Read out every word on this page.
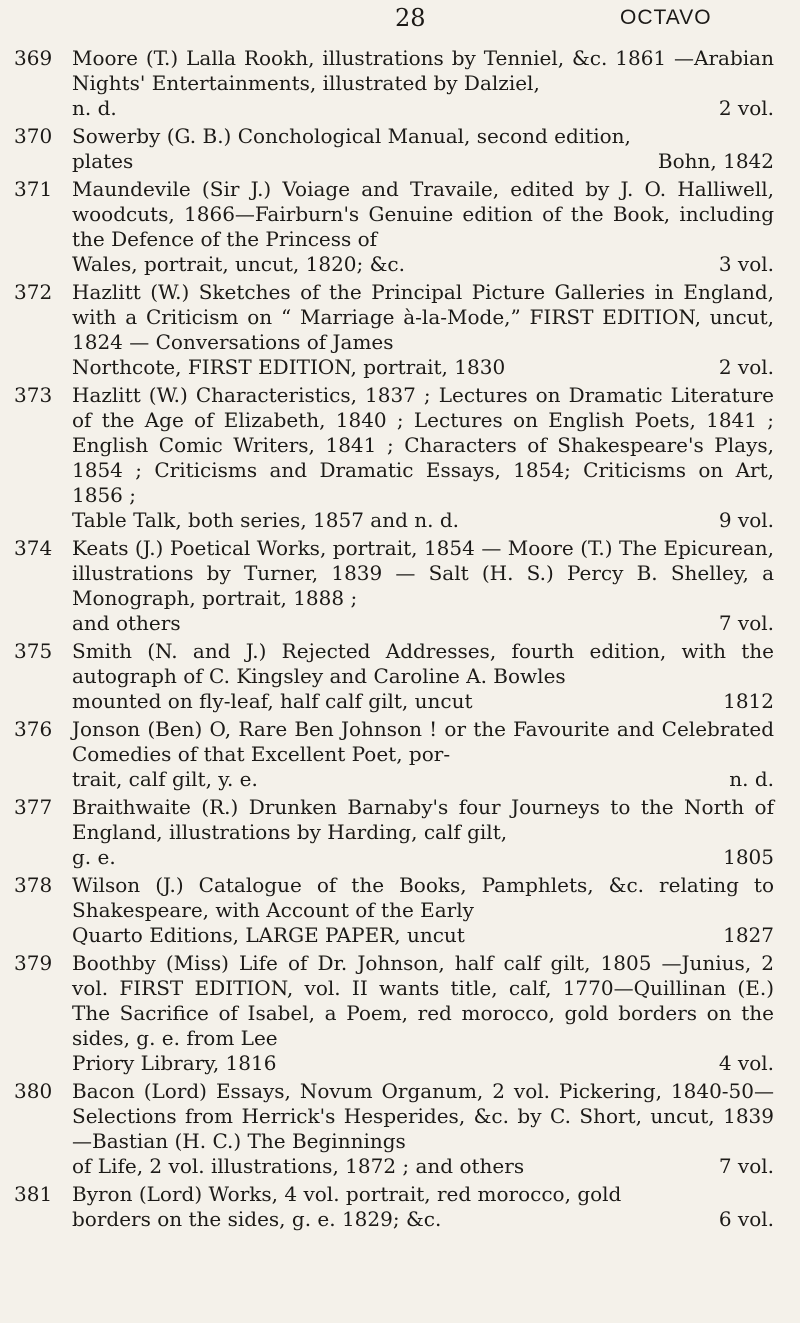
28	OCTAVO
369 Moore (T.) Lalla Rookh, illustrations by Tenniel, &c. 1861 —Arabian Nights' Entertainments, illustrated by Dalziel,
n. d.	2 vol.
370 Sowerby (G. B.) Conchological Manual, second edition,
plates	Bohn, 1842
371 Maundevile (Sir J.) Voiage and Travaile, edited by J. O. Halliwell, woodcuts, 1866—Fairburn's Genuine edition of the Book, including the Defence of the Princess of
Wales, portrait, uncut, 1820; &c.	3 vol.
372 Hazlitt (W.) Sketches of the Principal Picture Galleries in England, with a Criticism on “ Marriage à-la-Mode,” FIRST EDITION, uncut, 1824 — Conversations of James
Northcote, FIRST EDITION, portrait, 1830	2 vol.
373 Hazlitt (W.) Characteristics, 1837 ; Lectures on Dramatic Literature of the Age of Elizabeth, 1840 ; Lectures on English Poets, 1841 ; English Comic Writers, 1841 ; Characters of Shakespeare's Plays, 1854 ; Criticisms and Dramatic Essays, 1854; Criticisms on Art, 1856 ;
Table Talk, both series, 1857 and n. d.	9 vol.
374 Keats (J.) Poetical Works, portrait, 1854 — Moore (T.) The Epicurean, illustrations by Turner, 1839 — Salt (H. S.) Percy B. Shelley, a Monograph, portrait, 1888 ;
and others	7 vol.
375 Smith (N. and J.) Rejected Addresses, fourth edition, with the autograph of C. Kingsley and Caroline A. Bowles
mounted on fly-leaf, half calf gilt, uncut	1812
376 Jonson (Ben) O, Rare Ben Johnson ! or the Favourite and Celebrated Comedies of that Excellent Poet, por-
trait, calf gilt, y. e.	n. d.
377 Braithwaite (R.) Drunken Barnaby's four Journeys to the North of England, illustrations by Harding, calf gilt,
g. e.	1805
378 Wilson (J.) Catalogue of the Books, Pamphlets, &c. relating to Shakespeare, with Account of the Early
Quarto Editions, LARGE PAPER, uncut	1827
379 Boothby (Miss) Life of Dr. Johnson, half calf gilt, 1805 —Junius, 2 vol. FIRST EDITION, vol. II wants title, calf, 1770—Quillinan (E.) The Sacrifice of Isabel, a Poem, red morocco, gold borders on the sides, g. e. from Lee
Priory Library, 1816	4 vol.
380 Bacon (Lord) Essays, Novum Organum, 2 vol. Pickering, 1840-50—Selections from Herrick's Hesperides, &c. by C. Short, uncut, 1839—Bastian (H. C.) The Beginnings
of Life, 2 vol. illustrations, 1872 ; and others	7 vol.
381 Byron (Lord) Works, 4 vol. portrait, red morocco, gold
borders on the sides, g. e. 1829; &c.	6 vol.
